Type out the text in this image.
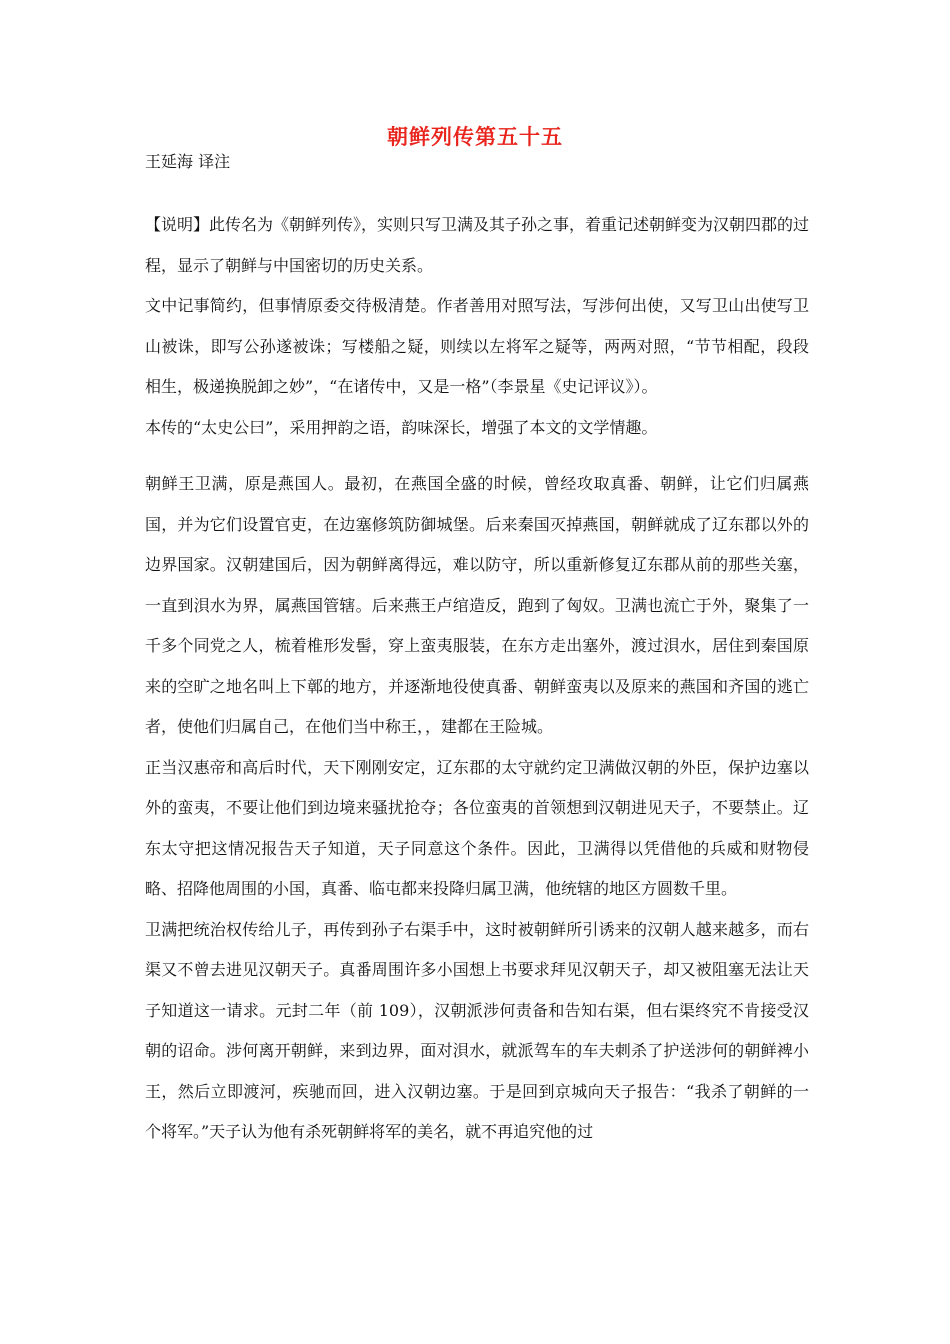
朝鲜列传第五十五
王延海 译注

【说明】此传名为《朝鲜列传》，实则只写卫满及其子孙之事，着重记述朝鲜变为汉朝四郡的过程，显示了朝鲜与中国密切的历史关系。

文中记事简约，但事情原委交待极清楚。作者善用对照写法，写涉何出使，又写卫山出使写卫山被诛，即写公孙遂被诛；写楼船之疑，则续以左将军之疑等，两两对照，“节节相配，段段相生，极递换脱卸之妙”，“在诸传中，又是一格”（李景星《史记评议》）。

本传的“太史公曰”，采用押韵之语，韵味深长，增强了本文的文学情趣。

朝鲜王卫满，原是燕国人。最初，在燕国全盛的时候，曾经攻取真番、朝鲜，让它们归属燕国，并为它们设置官吏，在边塞修筑防御城堡。后来秦国灭掉燕国，朝鲜就成了辽东郡以外的边界国家。汉朝建国后，因为朝鲜离得远，难以防守，所以重新修复辽东郡从前的那些关塞，一直到浿水为界，属燕国管辖。后来燕王卢绾造反，跑到了匈奴。卫满也流亡于外，聚集了一千多个同党之人，梳着椎形发髻，穿上蛮夷服装，在东方走出塞外，渡过浿水，居住到秦国原来的空旷之地名叫上下鄣的地方，并逐渐地役使真番、朝鲜蛮夷以及原来的燕国和齐国的逃亡者，使他们归属自己，在他们当中称王，，建都在王险城。

正当汉惠帝和高后时代，天下刚刚安定，辽东郡的太守就约定卫满做汉朝的外臣，保护边塞以外的蛮夷，不要让他们到边境来骚扰抢夺；各位蛮夷的首领想到汉朝进见天子，不要禁止。辽东太守把这情况报告天子知道，天子同意这个条件。因此，卫满得以凭借他的兵威和财物侵略、招降他周围的小国，真番、临屯都来投降归属卫满，他统辖的地区方圆数千里。

卫满把统治权传给儿子，再传到孙子右渠手中，这时被朝鲜所引诱来的汉朝人越来越多，而右渠又不曾去进见汉朝天子。真番周围许多小国想上书要求拜见汉朝天子，却又被阻塞无法让天子知道这一请求。元封二年（前 109），汉朝派涉何责备和告知右渠，但右渠终究不肯接受汉朝的诏命。涉何离开朝鲜，来到边界，面对浿水，就派驾车的车夫刺杀了护送涉何的朝鲜裨小王，然后立即渡河，疾驰而回，进入汉朝边塞。于是回到京城向天子报告：“我杀了朝鲜的一个将军。”天子认为他有杀死朝鲜将军的美名，就不再追究他的过
